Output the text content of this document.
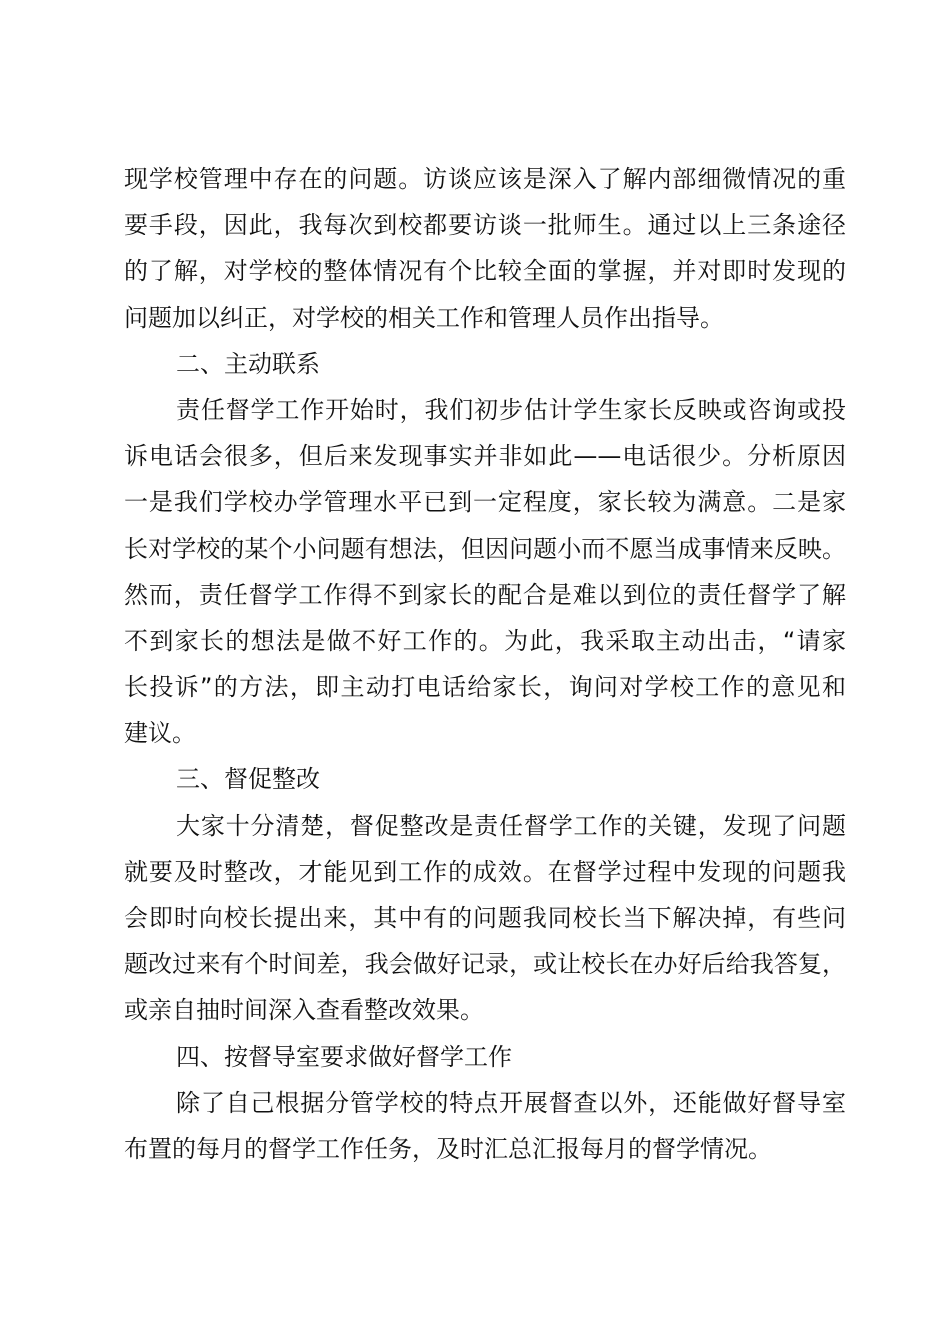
现学校管理中存在的问题。访谈应该是深入了解内部细微情况的重
要手段，因此，我每次到校都要访谈一批师生。通过以上三条途径
的了解，对学校的整体情况有个比较全面的掌握，并对即时发现的
问题加以纠正，对学校的相关工作和管理人员作出指导。
二、主动联系
责任督学工作开始时，我们初步估计学生家长反映或咨询或投
诉电话会很多，但后来发现事实并非如此——电话很少。分析原因
一是我们学校办学管理水平已到一定程度，家长较为满意。二是家
长对学校的某个小问题有想法，但因问题小而不愿当成事情来反映。
然而，责任督学工作得不到家长的配合是难以到位的责任督学了解
不到家长的想法是做不好工作的。为此，我采取主动出击，“请家
长投诉”的方法，即主动打电话给家长，询问对学校工作的意见和
建议。
三、督促整改
大家十分清楚，督促整改是责任督学工作的关键，发现了问题
就要及时整改，才能见到工作的成效。在督学过程中发现的问题我
会即时向校长提出来，其中有的问题我同校长当下解决掉，有些问
题改过来有个时间差，我会做好记录，或让校长在办好后给我答复，
或亲自抽时间深入查看整改效果。
四、按督导室要求做好督学工作
除了自己根据分管学校的特点开展督查以外，还能做好督导室
布置的每月的督学工作任务，及时汇总汇报每月的督学情况。
